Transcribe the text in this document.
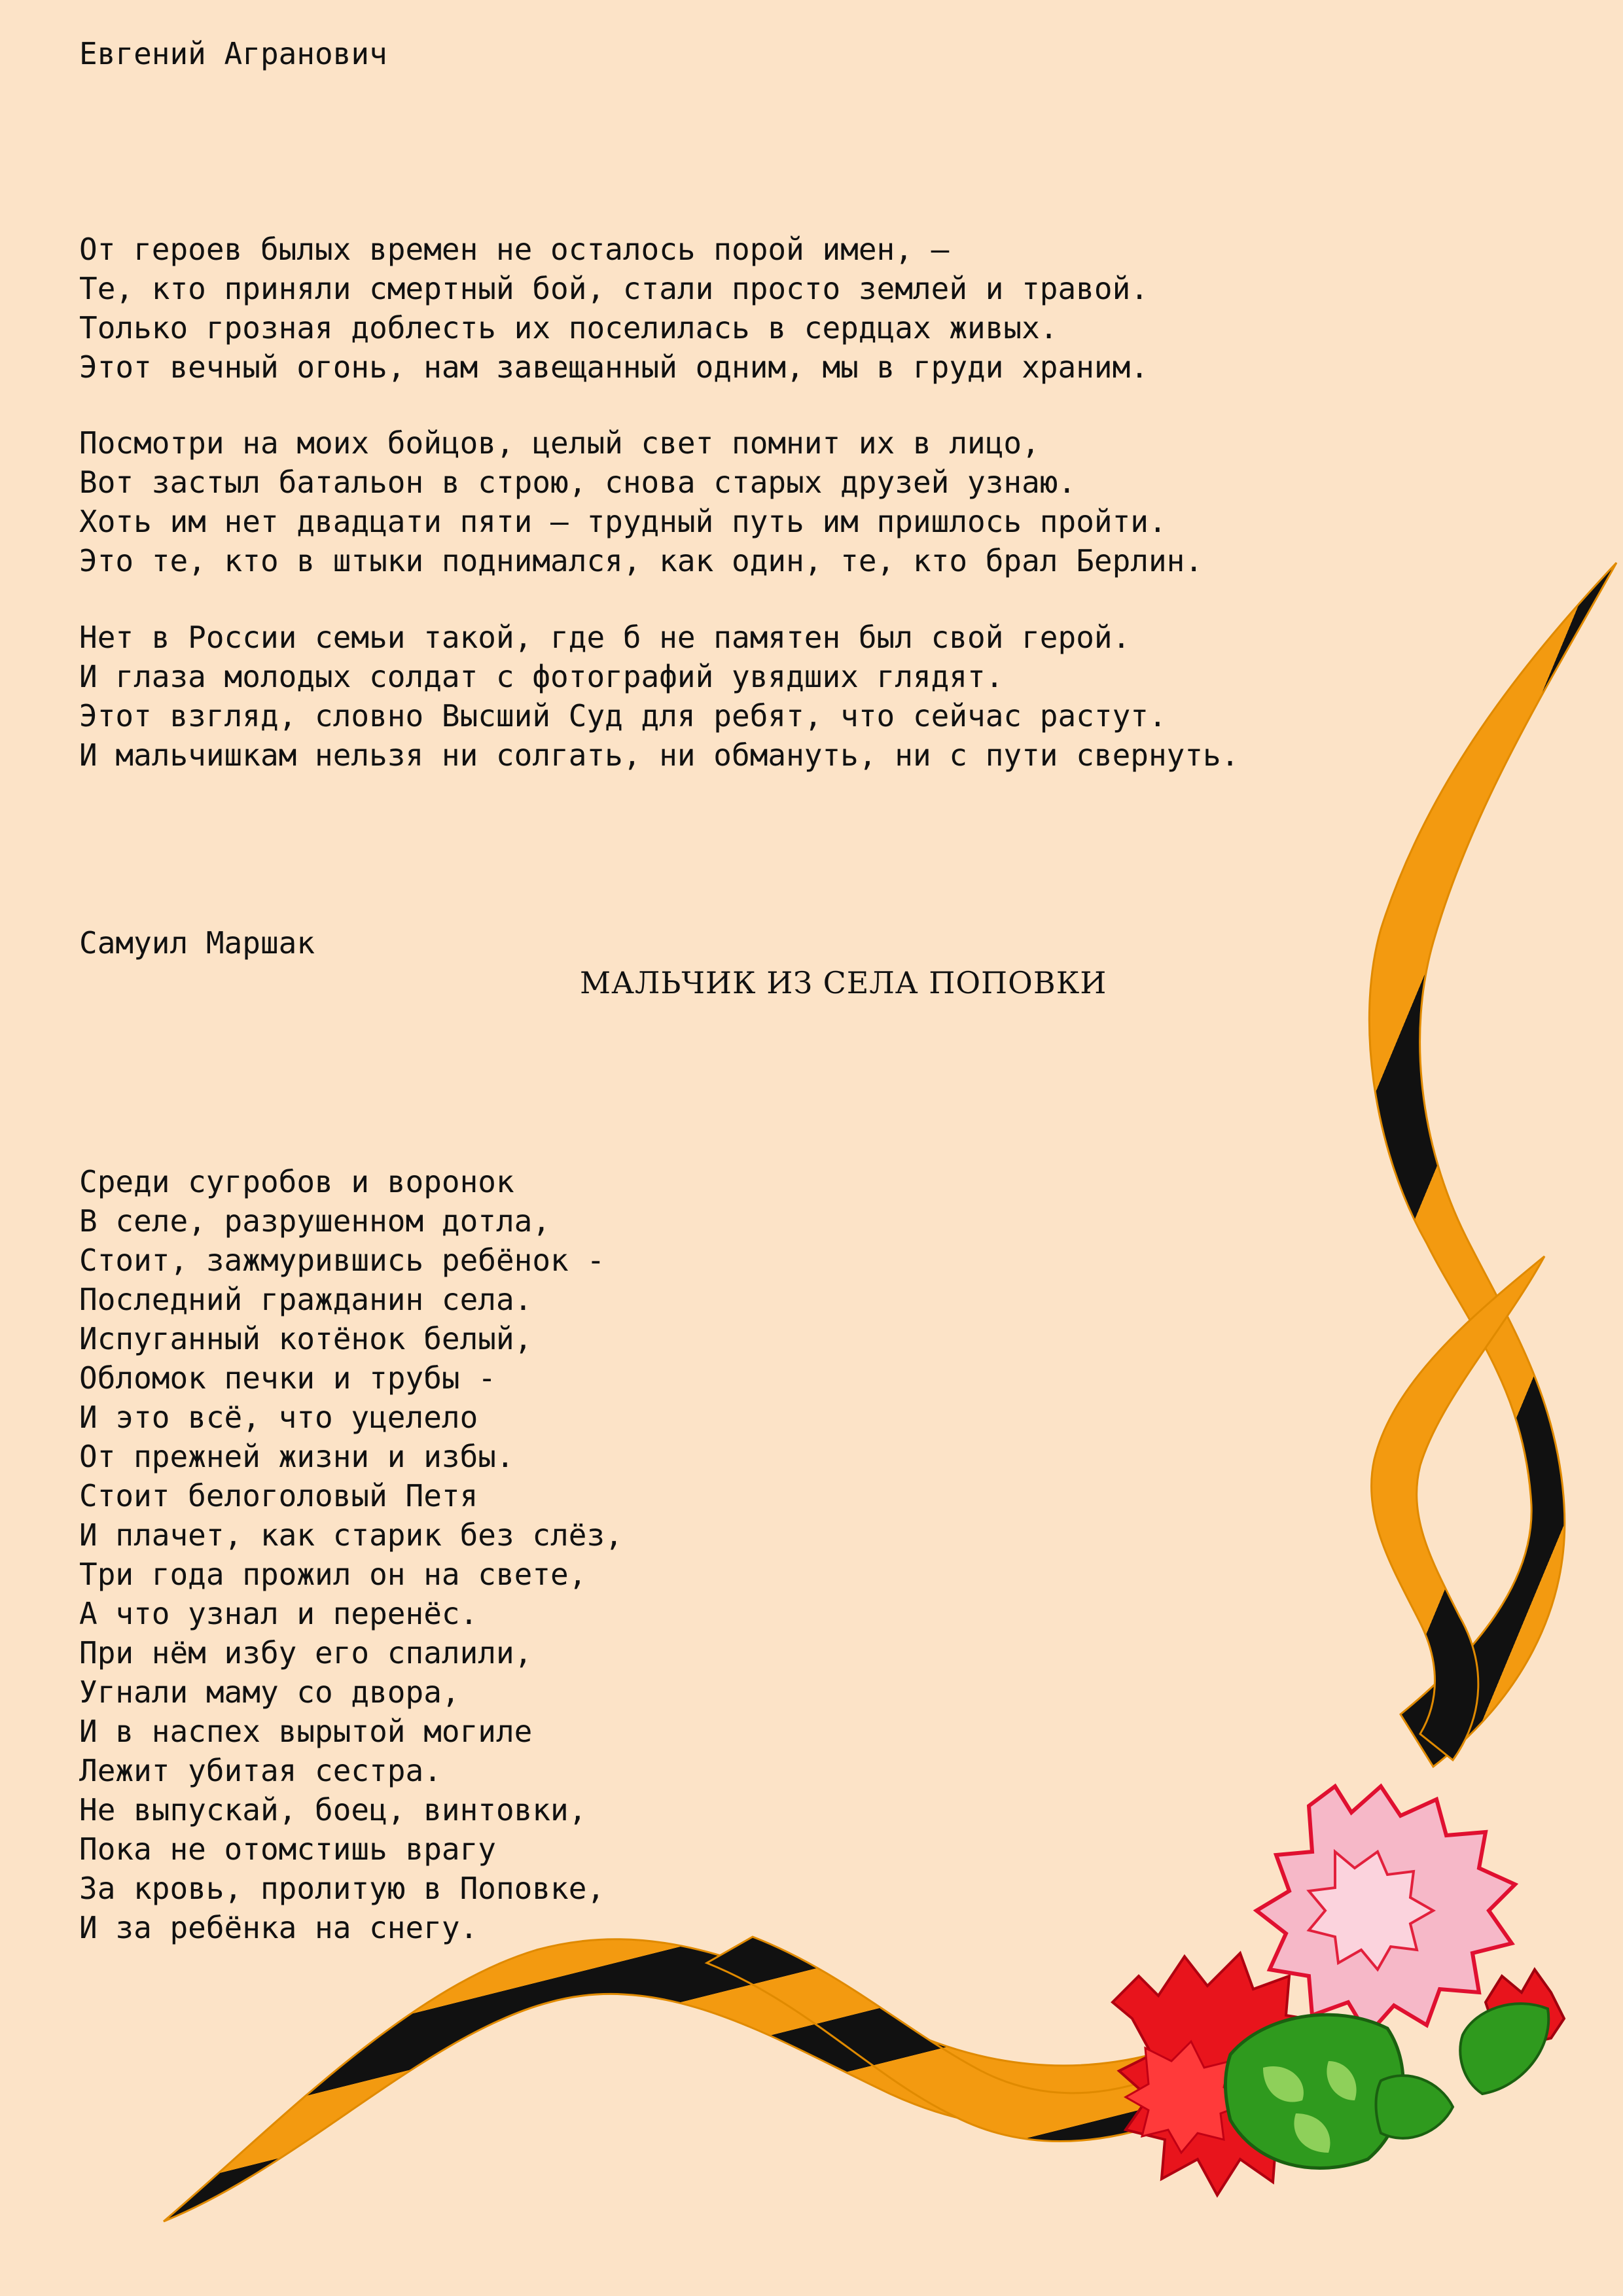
Евгений Агранович

От героев былых времен не осталось порой имен, —
Те, кто приняли смертный бой, стали просто землей и травой.
Только грозная доблесть их поселилась в сердцах живых.
Этот вечный огонь, нам завещанный одним, мы в груди храним.
Посмотри на моих бойцов, целый свет помнит их в лицо,
Вот застыл батальон в строю, снова старых друзей узнаю.
Хоть им нет двадцати пяти — трудный путь им пришлось пройти.
Это те, кто в штыки поднимался, как один, те, кто брал Берлин.
Нет в России семьи такой, где б не памятен был свой герой.
И глаза молодых солдат с фотографий увядших глядят.
Этот взгляд, словно Высший Суд для ребят, что сейчас растут.
И мальчишкам нельзя ни солгать, ни обмануть, ни с пути свернуть.

Самуил Маршак

МАЛЬЧИК ИЗ СЕЛА ПОПОВКИ
Среди сугробов и воронок
В селе, разрушенном дотла,
Стоит, зажмурившись ребёнок -
Последний гражданин села.
Испуганный котёнок белый,
Обломок печки и трубы -
И это всё, что уцелело
От прежней жизни и избы.
Стоит белоголовый Петя
И плачет, как старик без слёз,
Три года прожил он на свете,
А что узнал и перенёс.
При нём избу его спалили,
Угнали маму со двора,
И в наспех вырытой могиле
Лежит убитая сестра.
Не выпускай, боец, винтовки,
Пока не отомстишь врагу
За кровь, пролитую в Поповке,
И за ребёнка на снегу.
